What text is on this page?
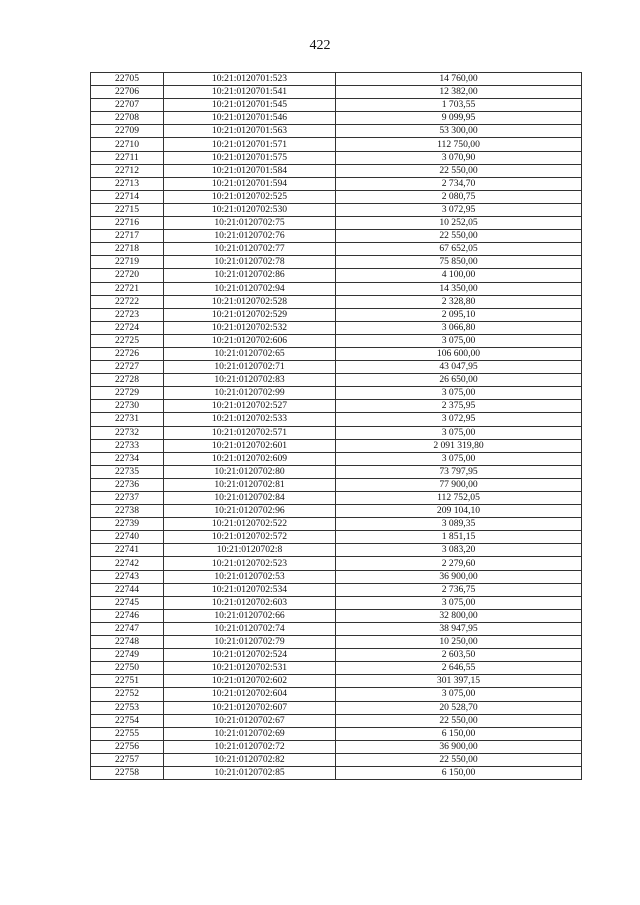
422
22705	10:21:0120701:523	14 760,00
22706	10:21:0120701:541	12 382,00
22707	10:21:0120701:545	1 703,55
22708	10:21:0120701:546	9 099,95
22709	10:21:0120701:563	53 300,00
22710	10:21:0120701:571	112 750,00
22711	10:21:0120701:575	3 070,90
22712	10:21:0120701:584	22 550,00
22713	10:21:0120701:594	2 734,70
22714	10:21:0120702:525	2 080,75
22715	10:21:0120702:530	3 072,95
22716	10:21:0120702:75	10 252,05
22717	10:21:0120702:76	22 550,00
22718	10:21:0120702:77	67 652,05
22719	10:21:0120702:78	75 850,00
22720	10:21:0120702:86	4 100,00
22721	10:21:0120702:94	14 350,00
22722	10:21:0120702:528	2 328,80
22723	10:21:0120702:529	2 095,10
22724	10:21:0120702:532	3 066,80
22725	10:21:0120702:606	3 075,00
22726	10:21:0120702:65	106 600,00
22727	10:21:0120702:71	43 047,95
22728	10:21:0120702:83	26 650,00
22729	10:21:0120702:99	3 075,00
22730	10:21:0120702:527	2 375,95
22731	10:21:0120702:533	3 072,95
22732	10:21:0120702:571	3 075,00
22733	10:21:0120702:601	2 091 319,80
22734	10:21:0120702:609	3 075,00
22735	10:21:0120702:80	73 797,95
22736	10:21:0120702:81	77 900,00
22737	10:21:0120702:84	112 752,05
22738	10:21:0120702:96	209 104,10
22739	10:21:0120702:522	3 089,35
22740	10:21:0120702:572	1 851,15
22741	10:21:0120702:8	3 083,20
22742	10:21:0120702:523	2 279,60
22743	10:21:0120702:53	36 900,00
22744	10:21:0120702:534	2 736,75
22745	10:21:0120702:603	3 075,00
22746	10:21:0120702:66	32 800,00
22747	10:21:0120702:74	38 947,95
22748	10:21:0120702:79	10 250,00
22749	10:21:0120702:524	2 603,50
22750	10:21:0120702:531	2 646,55
22751	10:21:0120702:602	301 397,15
22752	10:21:0120702:604	3 075,00
22753	10:21:0120702:607	20 528,70
22754	10:21:0120702:67	22 550,00
22755	10:21:0120702:69	6 150,00
22756	10:21:0120702:72	36 900,00
22757	10:21:0120702:82	22 550,00
22758	10:21:0120702:85	6 150,00
